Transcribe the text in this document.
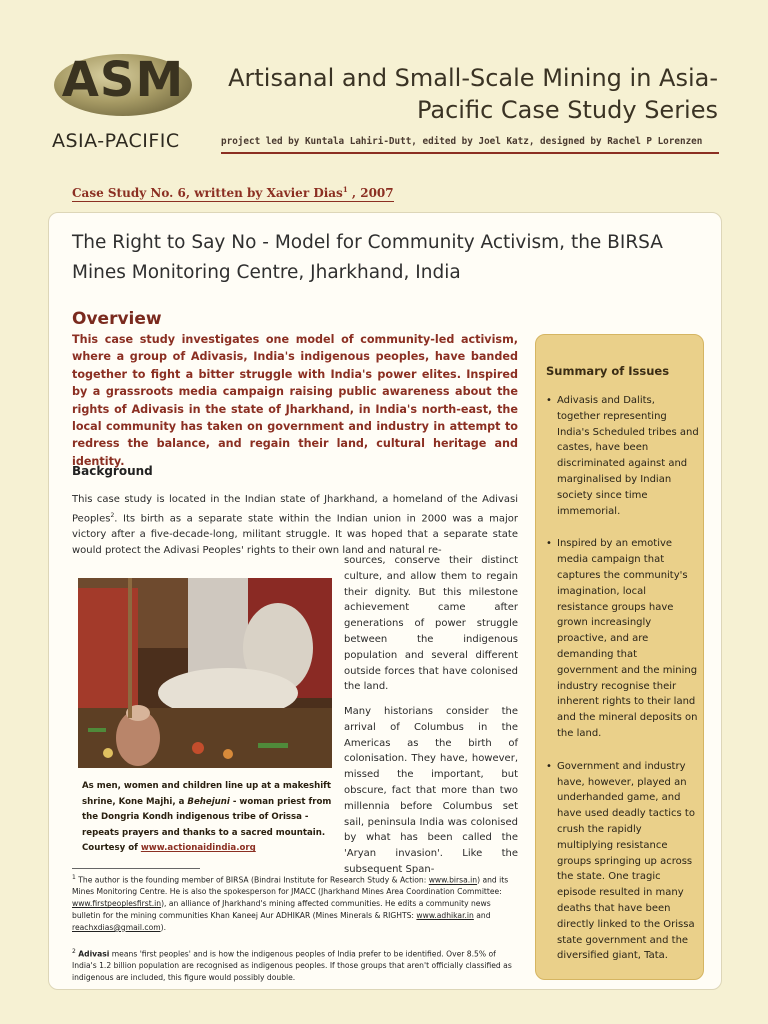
ASM
ASIA-PACIFIC
Artisanal and Small-Scale Mining in Asia-
Pacific Case Study Series
project led by Kuntala Lahiri-Dutt, edited by Joel Katz, designed by Rachel P Lorenzen
Case Study No. 6, written by Xavier Dias$^1$ , 2007
The Right to Say No - Model for Community Activism, the BIRSA
Mines Monitoring Centre, Jharkhand, India
Overview
This case study investigates one model of community-led activism, where a group of Adivasis, India's indigenous peoples, have banded together to fight a bitter struggle with India's power elites. Inspired by a grassroots media campaign raising public awareness about the rights of Adivasis in the state of Jharkhand, in India's north-east, the local community has taken on government and industry in attempt to redress the balance, and regain their land, cultural heritage and identity.
Background
This case study is located in the Indian state of Jharkhand, a homeland of the Adivasi Peoples$^2$. Its birth as a separate state within the Indian union in 2000 was a major victory after a five-decade-long, militant struggle. It was hoped that a separate state would protect the Adivasi Peoples' rights to their own land and natural re-
As men, women and children line up at a makeshift shrine, Kone Majhi, a Behejuni - woman priest from the Dongria Kondh indigenous tribe of Orissa - repeats prayers and thanks to a sacred mountain. Courtesy of www.actionaidindia.org
sources, conserve their distinct culture, and allow them to regain their dignity. But this milestone achievement came after generations of power struggle between the indigenous population and several different outside forces that have colonised the land.
Many historians consider the arrival of Columbus in the Americas as the birth of colonisation. They have, however, missed the important, but obscure, fact that more than two millennia before Columbus set sail, peninsula India was colonised by what has been called the 'Aryan invasion'. Like the subsequent Span-
$^1$ The author is the founding member of BIRSA (Bindrai Institute for Research Study & Action: www.birsa.in) and its Mines Monitoring Centre. He is also the spokesperson for JMACC (Jharkhand Mines Area Coordination Committee: www.firstpeoplesfirst.in), an alliance of Jharkhand's mining affected communities. He edits a community news bulletin for the mining communities Khan Kaneej Aur ADHIKAR (Mines Minerals & RIGHTS: www.adhikar.in and reachxdias@gmail.com).
$^2$ Adivasi means 'first peoples' and is how the indigenous peoples of India prefer to be identified. Over 8.5% of India's 1.2 billion population are recognised as indigenous peoples. If those groups that aren't officially classified as indigenous are included, this figure would possibly double.
Summary of Issues
• Adivasis and Dalits, together representing India's Scheduled tribes and castes, have been discriminated against and marginalised by Indian society since time immemorial.
• Inspired by an emotive media campaign that captures the community's imagination, local resistance groups have grown increasingly proactive, and are demanding that government and the mining industry recognise their inherent rights to their land and the mineral deposits on the land.
• Government and industry have, however, played an underhanded game, and have used deadly tactics to crush the rapidly multiplying resistance groups springing up across the state. One tragic episode resulted in many deaths that have been directly linked to the Orissa state government and the diversified giant, Tata.
